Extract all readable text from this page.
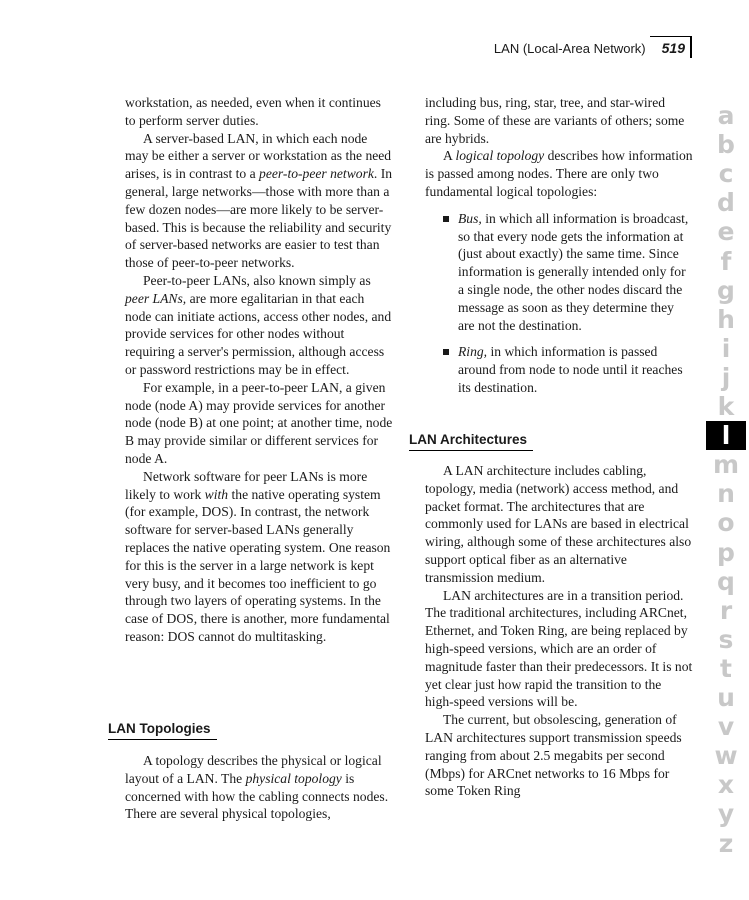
LAN (Local-Area Network) 519

workstation, as needed, even when it continues to perform server duties.

A server-based LAN, in which each node may be either a server or workstation as the need arises, is in contrast to a peer-to-peer network. In general, large networks—those with more than a few dozen nodes—are more likely to be server-based. This is because the reliability and security of server-based networks are easier to test than those of peer-to-peer networks.

Peer-to-peer LANs, also known simply as peer LANs, are more egalitarian in that each node can initiate actions, access other nodes, and provide services for other nodes without requiring a server's permission, although access or password restrictions may be in effect.

For example, in a peer-to-peer LAN, a given node (node A) may provide services for another node (node B) at one point; at another time, node B may provide similar or different services for node A.

Network software for peer LANs is more likely to work with the native operating system (for example, DOS). In contrast, the network software for server-based LANs generally replaces the native operating system. One reason for this is the server in a large network is kept very busy, and it becomes too inefficient to go through two layers of operating systems. In the case of DOS, there is another, more fundamental reason: DOS cannot do multitasking.

LAN Topologies

A topology describes the physical or logical layout of a LAN. The physical topology is concerned with how the cabling connects nodes. There are several physical topologies,

including bus, ring, star, tree, and star-wired ring. Some of these are variants of others; some are hybrids.

A logical topology describes how information is passed among nodes. There are only two fundamental logical topologies:

Bus, in which all information is broadcast, so that every node gets the information at (just about exactly) the same time. Since information is generally intended only for a single node, the other nodes discard the message as soon as they determine they are not the destination.
Ring, in which information is passed around from node to node until it reaches its destination.
LAN Architectures

A LAN architecture includes cabling, topology, media (network) access method, and packet format. The architectures that are commonly used for LANs are based in electrical wiring, although some of these architectures also support optical fiber as an alternative transmission medium.

LAN architectures are in a transition period. The traditional architectures, including ARCnet, Ethernet, and Token Ring, are being replaced by high-speed versions, which are an order of magnitude faster than their predecessors. It is not yet clear just how rapid the transition to the high-speed versions will be.

The current, but obsolescing, generation of LAN architectures support transmission speeds ranging from about 2.5 megabits per second (Mbps) for ARCnet networks to 16 Mbps for some Token Ring

a
b
c
d
e
f
g
h
i
j
k
l
m
n
o
p
q
r
s
t
u
v
w
x
y
z
